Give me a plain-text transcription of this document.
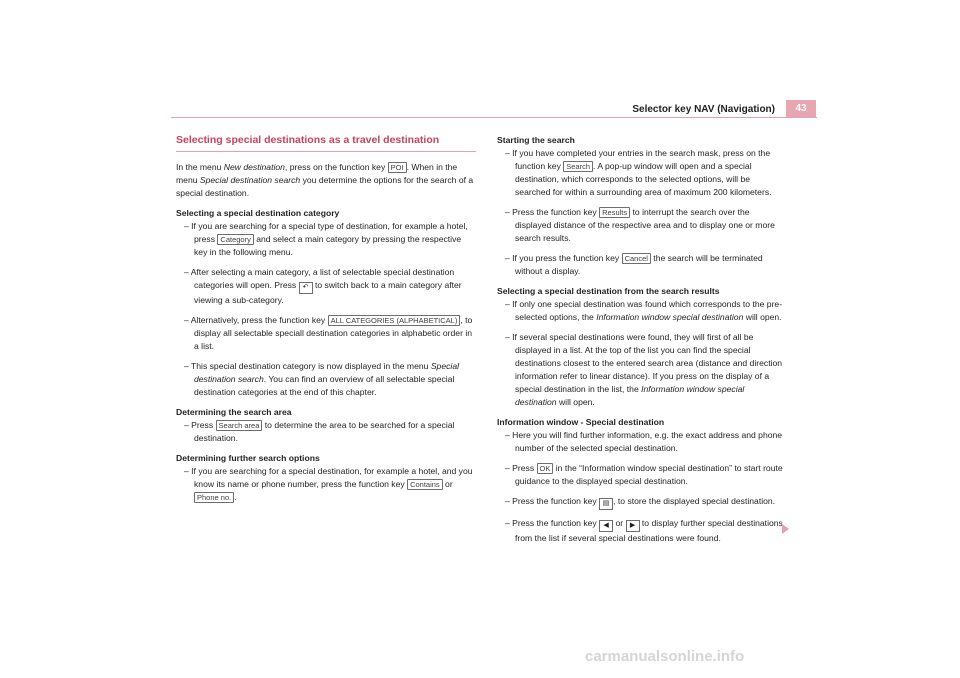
Selector key NAV (Navigation)	43
Selecting special destinations as a travel destination

In the menu New destination, press on the function key POI . When in the menu Special destination search you determine the options for the search of a special destination.

Selecting a special destination category

– If you are searching for a special type of destination, for example a hotel, press Category and select a main category by pressing the respective key in the following menu.
– After selecting a main category, a list of selectable special destination categories will open. Press ↶ to switch back to a main category after viewing a sub-category.
– Alternatively, press the function key ALL CATEGORIES (ALPHABETICAL) , to display all selectable speciall destination categories in alphabetic order in a list.
– This special destination category is now displayed in the menu Special destination search. You can find an overview of all selectable special destination categories at the end of this chapter.

Determining the search area

– Press Search area to determine the area to be searched for a special destination.

Determining further search options

– If you are searching for a special destination, for example a hotel, and you know its name or phone number, press the function key Contains or Phone no. .

Starting the search

– If you have completed your entries in the search mask, press on the function key Search . A pop-up window will open and a special destination, which corresponds to the selected options, will be searched for within a surrounding area of maximum 200 kilometers.
– Press the function key Results to interrupt the search over the displayed distance of the respective area and to display one or more search results.
– If you press the function key Cancel the search will be terminated without a display.

Selecting a special destination from the search results

– If only one special destination was found which corresponds to the pre-selected options, the Information window special destination will open.
– If several special destinations were found, they will first of all be displayed in a list. At the top of the list you can find the special destinations closest to the entered search area (distance and direction information refer to linear distance). If you press on the display of a special destination in the list, the Information window special destination will open.

Information window - Special destination

– Here you will find further information, e.g. the exact address and phone number of the selected special destination.
– Press OK in the “Information window special destination” to start route guidance to the displayed special destination.
– Press the function key ▤ , to store the displayed special destination.
– Press the function key ◀ or ▶ to display further special destinations from the list if several special destinations were found.
carmanualsonline.info
